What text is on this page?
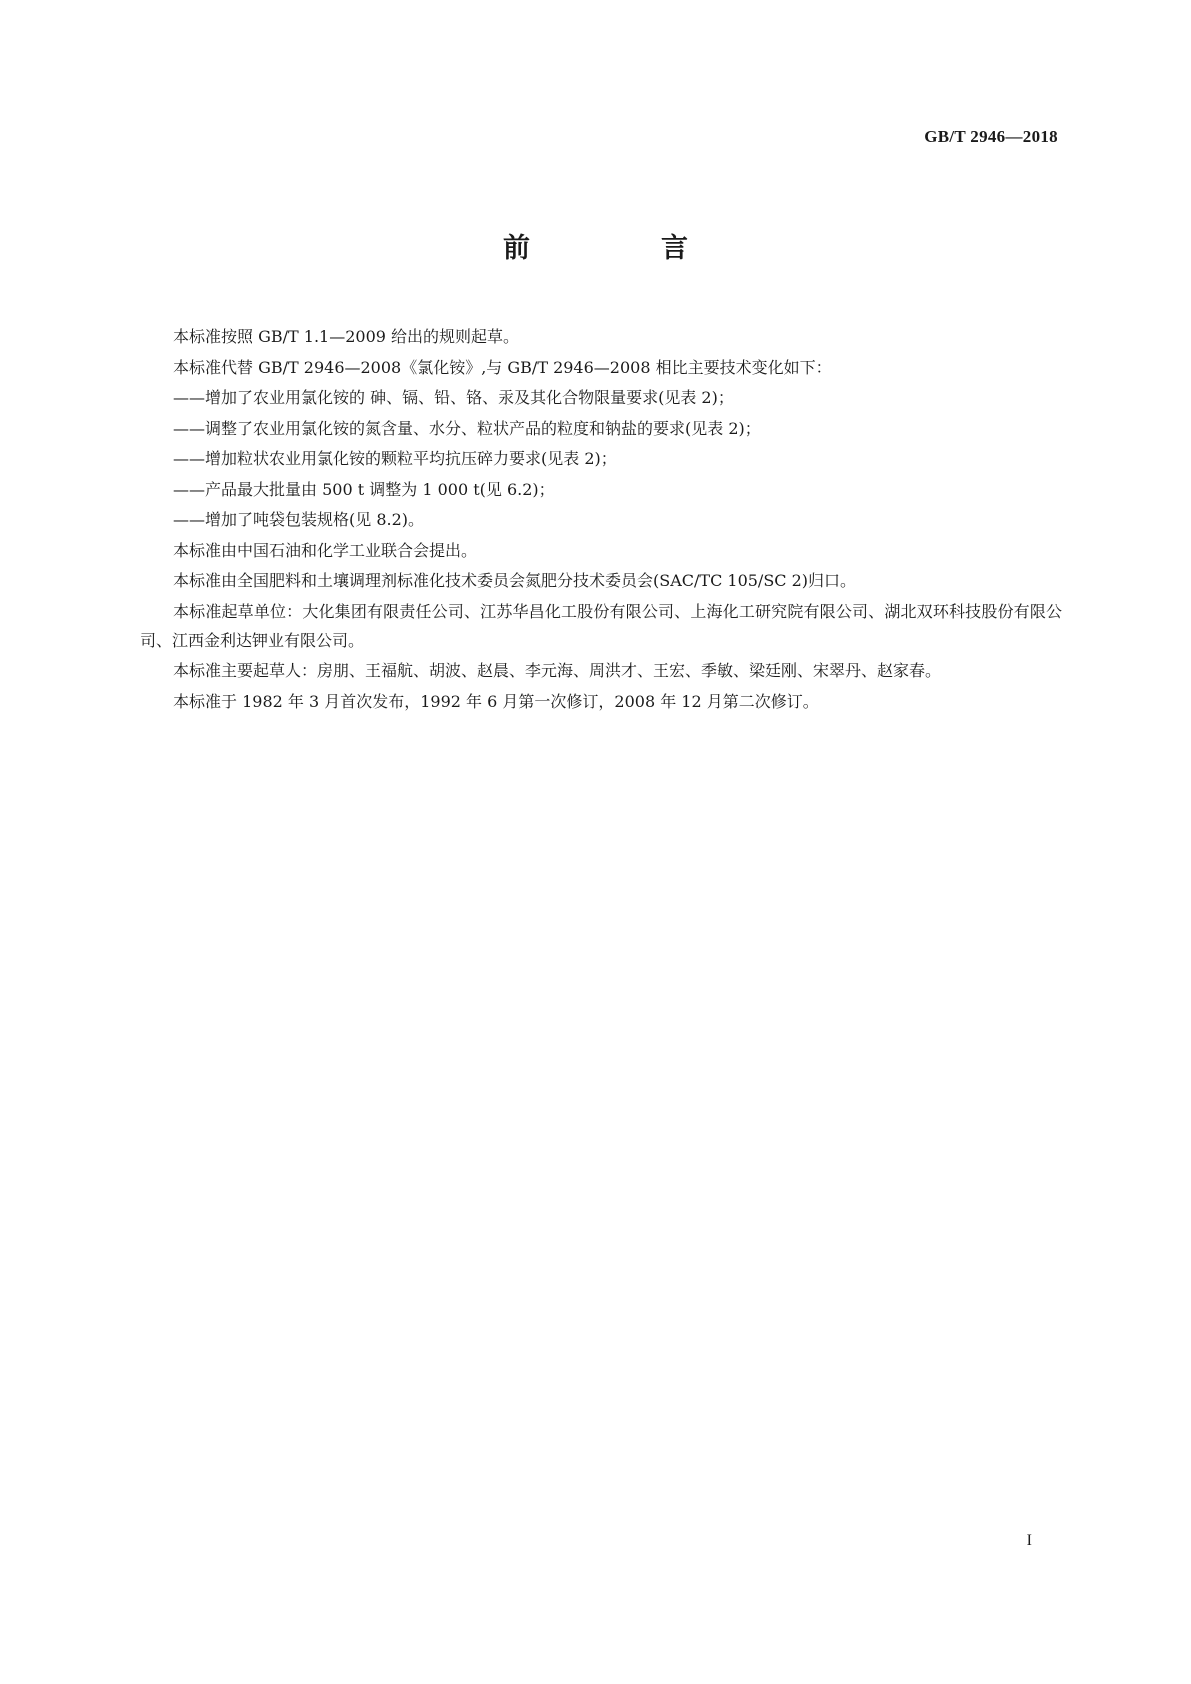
GB/T 2946—2018
前　言

本标准按照 GB/T 1.1—2009 给出的规则起草。

本标准代替 GB/T 2946—2008《氯化铵》,与 GB/T 2946—2008 相比主要技术变化如下：

——增加了农业用氯化铵的 砷、镉、铅、铬、汞及其化合物限量要求(见表 2)；

——调整了农业用氯化铵的氮含量、水分、粒状产品的粒度和钠盐的要求(见表 2)；

——增加粒状农业用氯化铵的颗粒平均抗压碎力要求(见表 2)；

——产品最大批量由 500 t 调整为 1 000 t(见 6.2)；

——增加了吨袋包装规格(见 8.2)。

本标准由中国石油和化学工业联合会提出。

本标准由全国肥料和土壤调理剂标准化技术委员会氮肥分技术委员会(SAC/TC 105/SC 2)归口。

本标准起草单位：大化集团有限责任公司、江苏华昌化工股份有限公司、上海化工研究院有限公司、湖北双环科技股份有限公司、江西金利达钾业有限公司。

本标准主要起草人：房朋、王福航、胡波、赵晨、李元海、周洪才、王宏、季敏、梁廷刚、宋翠丹、赵家春。

本标准于 1982 年 3 月首次发布，1992 年 6 月第一次修订，2008 年 12 月第二次修订。

I
